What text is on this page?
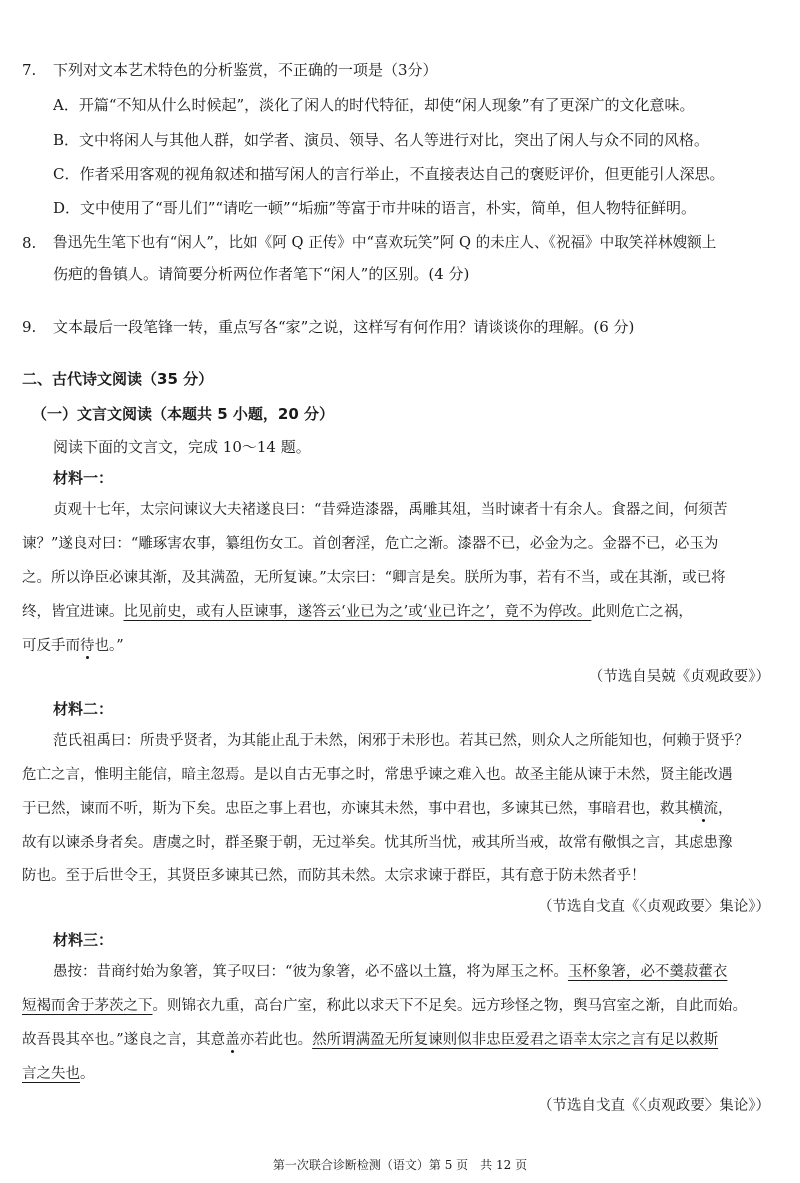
7. 下列对文本艺术特色的分析鉴赏，不正确的一项是（3分）
A．开篇“不知从什么时候起”，淡化了闲人的时代特征，却使“闲人现象”有了更深广的文化意味。
B．文中将闲人与其他人群，如学者、演员、领导、名人等进行对比，突出了闲人与众不同的风格。
C．作者采用客观的视角叙述和描写闲人的言行举止，不直接表达自己的褒贬评价，但更能引人深思。
D．文中使用了“哥儿们”“请吃一顿”“垢痂”等富于市井味的语言，朴实，简单，但人物特征鲜明。
8. 鲁迅先生笔下也有“闲人”，比如《阿 Q 正传》中“喜欢玩笑”阿 Q 的未庄人、《祝福》中取笑祥林嫂额上
伤疤的鲁镇人。请简要分析两位作者笔下“闲人”的区别。(4 分)
9. 文本最后一段笔锋一转，重点写各“家”之说，这样写有何作用？请谈谈你的理解。(6 分)
二、古代诗文阅读（35 分）
（一）文言文阅读（本题共 5 小题，20 分）
阅读下面的文言文，完成 10～14 题。
材料一：
贞观十七年，太宗问谏议大夫褚遂良曰：“昔舜造漆器，禹雕其俎，当时谏者十有余人。食器之间，何须苦
谏？”遂良对曰：“雕琢害农事，纂组伤女工。首创奢淫，危亡之渐。漆器不已，必金为之。金器不已，必玉为
之。所以诤臣必谏其渐，及其满盈，无所复谏。”太宗曰：“卿言是矣。朕所为事，若有不当，或在其渐，或已将
终，皆宜进谏。比见前史，或有人臣谏事，遂答云‘业已为之’或‘业已许之’，竟不为停改。此则危亡之祸，
可反手而待也。”
（节选自吴兢《贞观政要》）
材料二：
范氏祖禹曰：所贵乎贤者，为其能止乱于未然，闲邪于未形也。若其已然，则众人之所能知也，何赖于贤乎？
危亡之言，惟明主能信，暗主忽焉。是以自古无事之时，常患乎谏之难入也。故圣主能从谏于未然，贤主能改遇
于已然，谏而不听，斯为下矣。忠臣之事上君也，亦谏其未然，事中君也，多谏其已然，事暗君也，救其横流，
故有以谏杀身者矣。唐虞之时，群圣聚于朝，无过举矣。忧其所当忧，戒其所当戒，故常有儆惧之言，其虑患豫
防也。至于后世令王，其贤臣多谏其已然，而防其未然。太宗求谏于群臣，其有意于防未然者乎！
（节选自戈直《〈贞观政要〉集论》）
材料三：
愚按：昔商纣始为象箸，箕子叹曰：“彼为象箸，必不盛以土簋，将为犀玉之杯。玉杯象箸，必不羹菽藿衣
短褐而舍于茅茨之下。则锦衣九重，高台广室，称此以求天下不足矣。远方珍怪之物，舆马宫室之渐，自此而始。
故吾畏其卒也。”遂良之言，其意盖亦若此也。然所谓满盈无所复谏则似非忠臣爱君之语幸太宗之言有足以救斯
言之失也。
（节选自戈直《〈贞观政要〉集论》）
第一次联合诊断检测（语文）第 5 页　共 12 页
